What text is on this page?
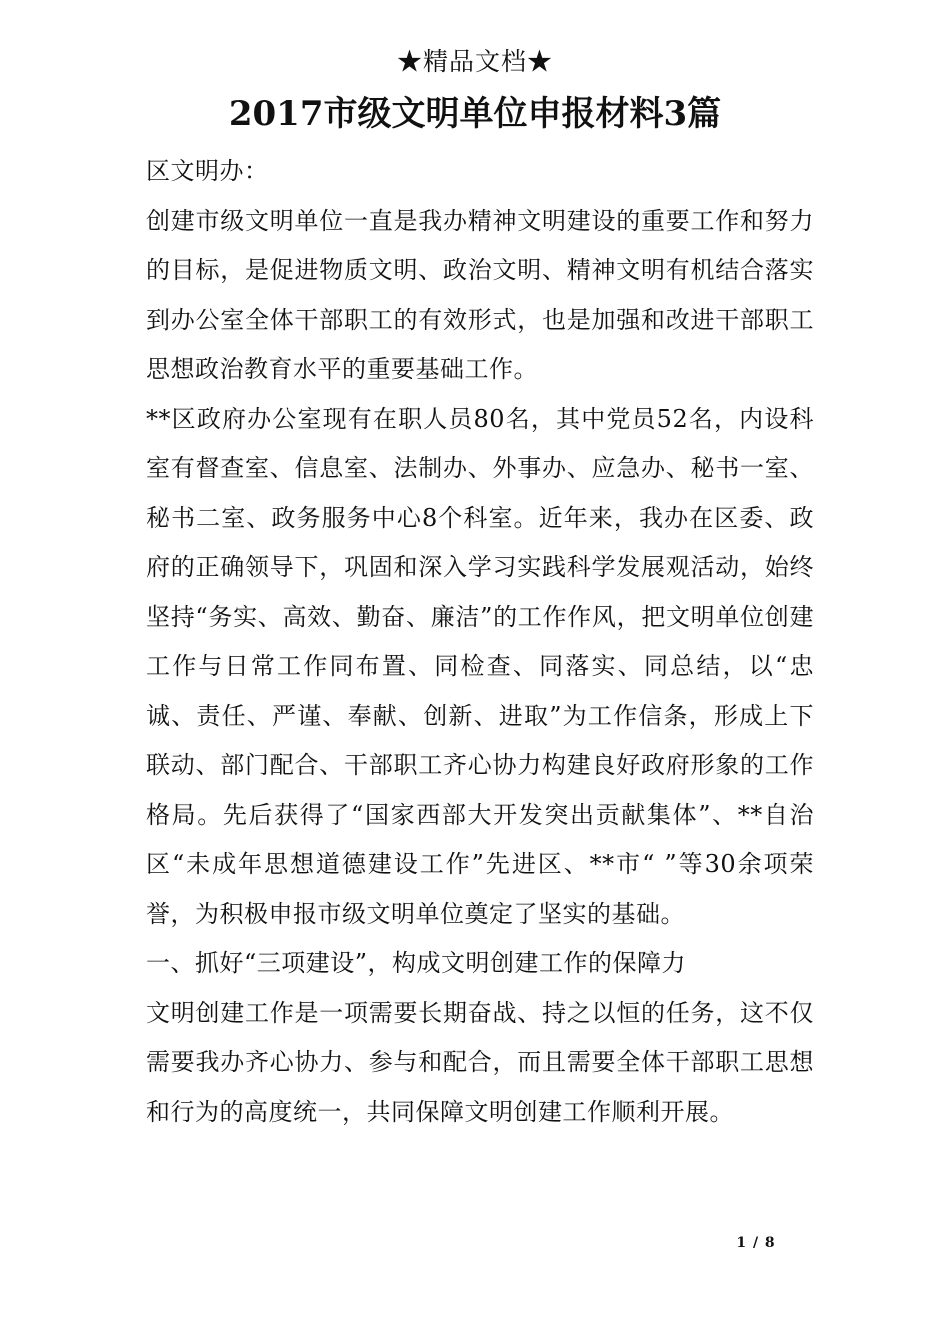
★精品文档★
2017市级文明单位申报材料3篇

区文明办：

创建市级文明单位一直是我办精神文明建设的重要工作和努力的目标，是促进物质文明、政治文明、精神文明有机结合落实到办公室全体干部职工的有效形式，也是加强和改进干部职工思想政治教育水平的重要基础工作。

**区政府办公室现有在职人员80名，其中党员52名，内设科室有督查室、信息室、法制办、外事办、应急办、秘书一室、秘书二室、政务服务中心8个科室。近年来，我办在区委、政府的正确领导下，巩固和深入学习实践科学发展观活动，始终坚持“务实、高效、勤奋、廉洁”的工作作风，把文明单位创建工作与日常工作同布置、同检查、同落实、同总结，以“忠诚、责任、严谨、奉献、创新、进取”为工作信条，形成上下联动、部门配合、干部职工齐心协力构建良好政府形象的工作格局。先后获得了“国家西部大开发突出贡献集体”、**自治区“未成年思想道德建设工作”先进区、**市“ ”等30余项荣誉，为积极申报市级文明单位奠定了坚实的基础。

一、抓好“三项建设”，构成文明创建工作的保障力

文明创建工作是一项需要长期奋战、持之以恒的任务，这不仅需要我办齐心协力、参与和配合，而且需要全体干部职工思想和行为的高度统一，共同保障文明创建工作顺利开展。

1 / 8
